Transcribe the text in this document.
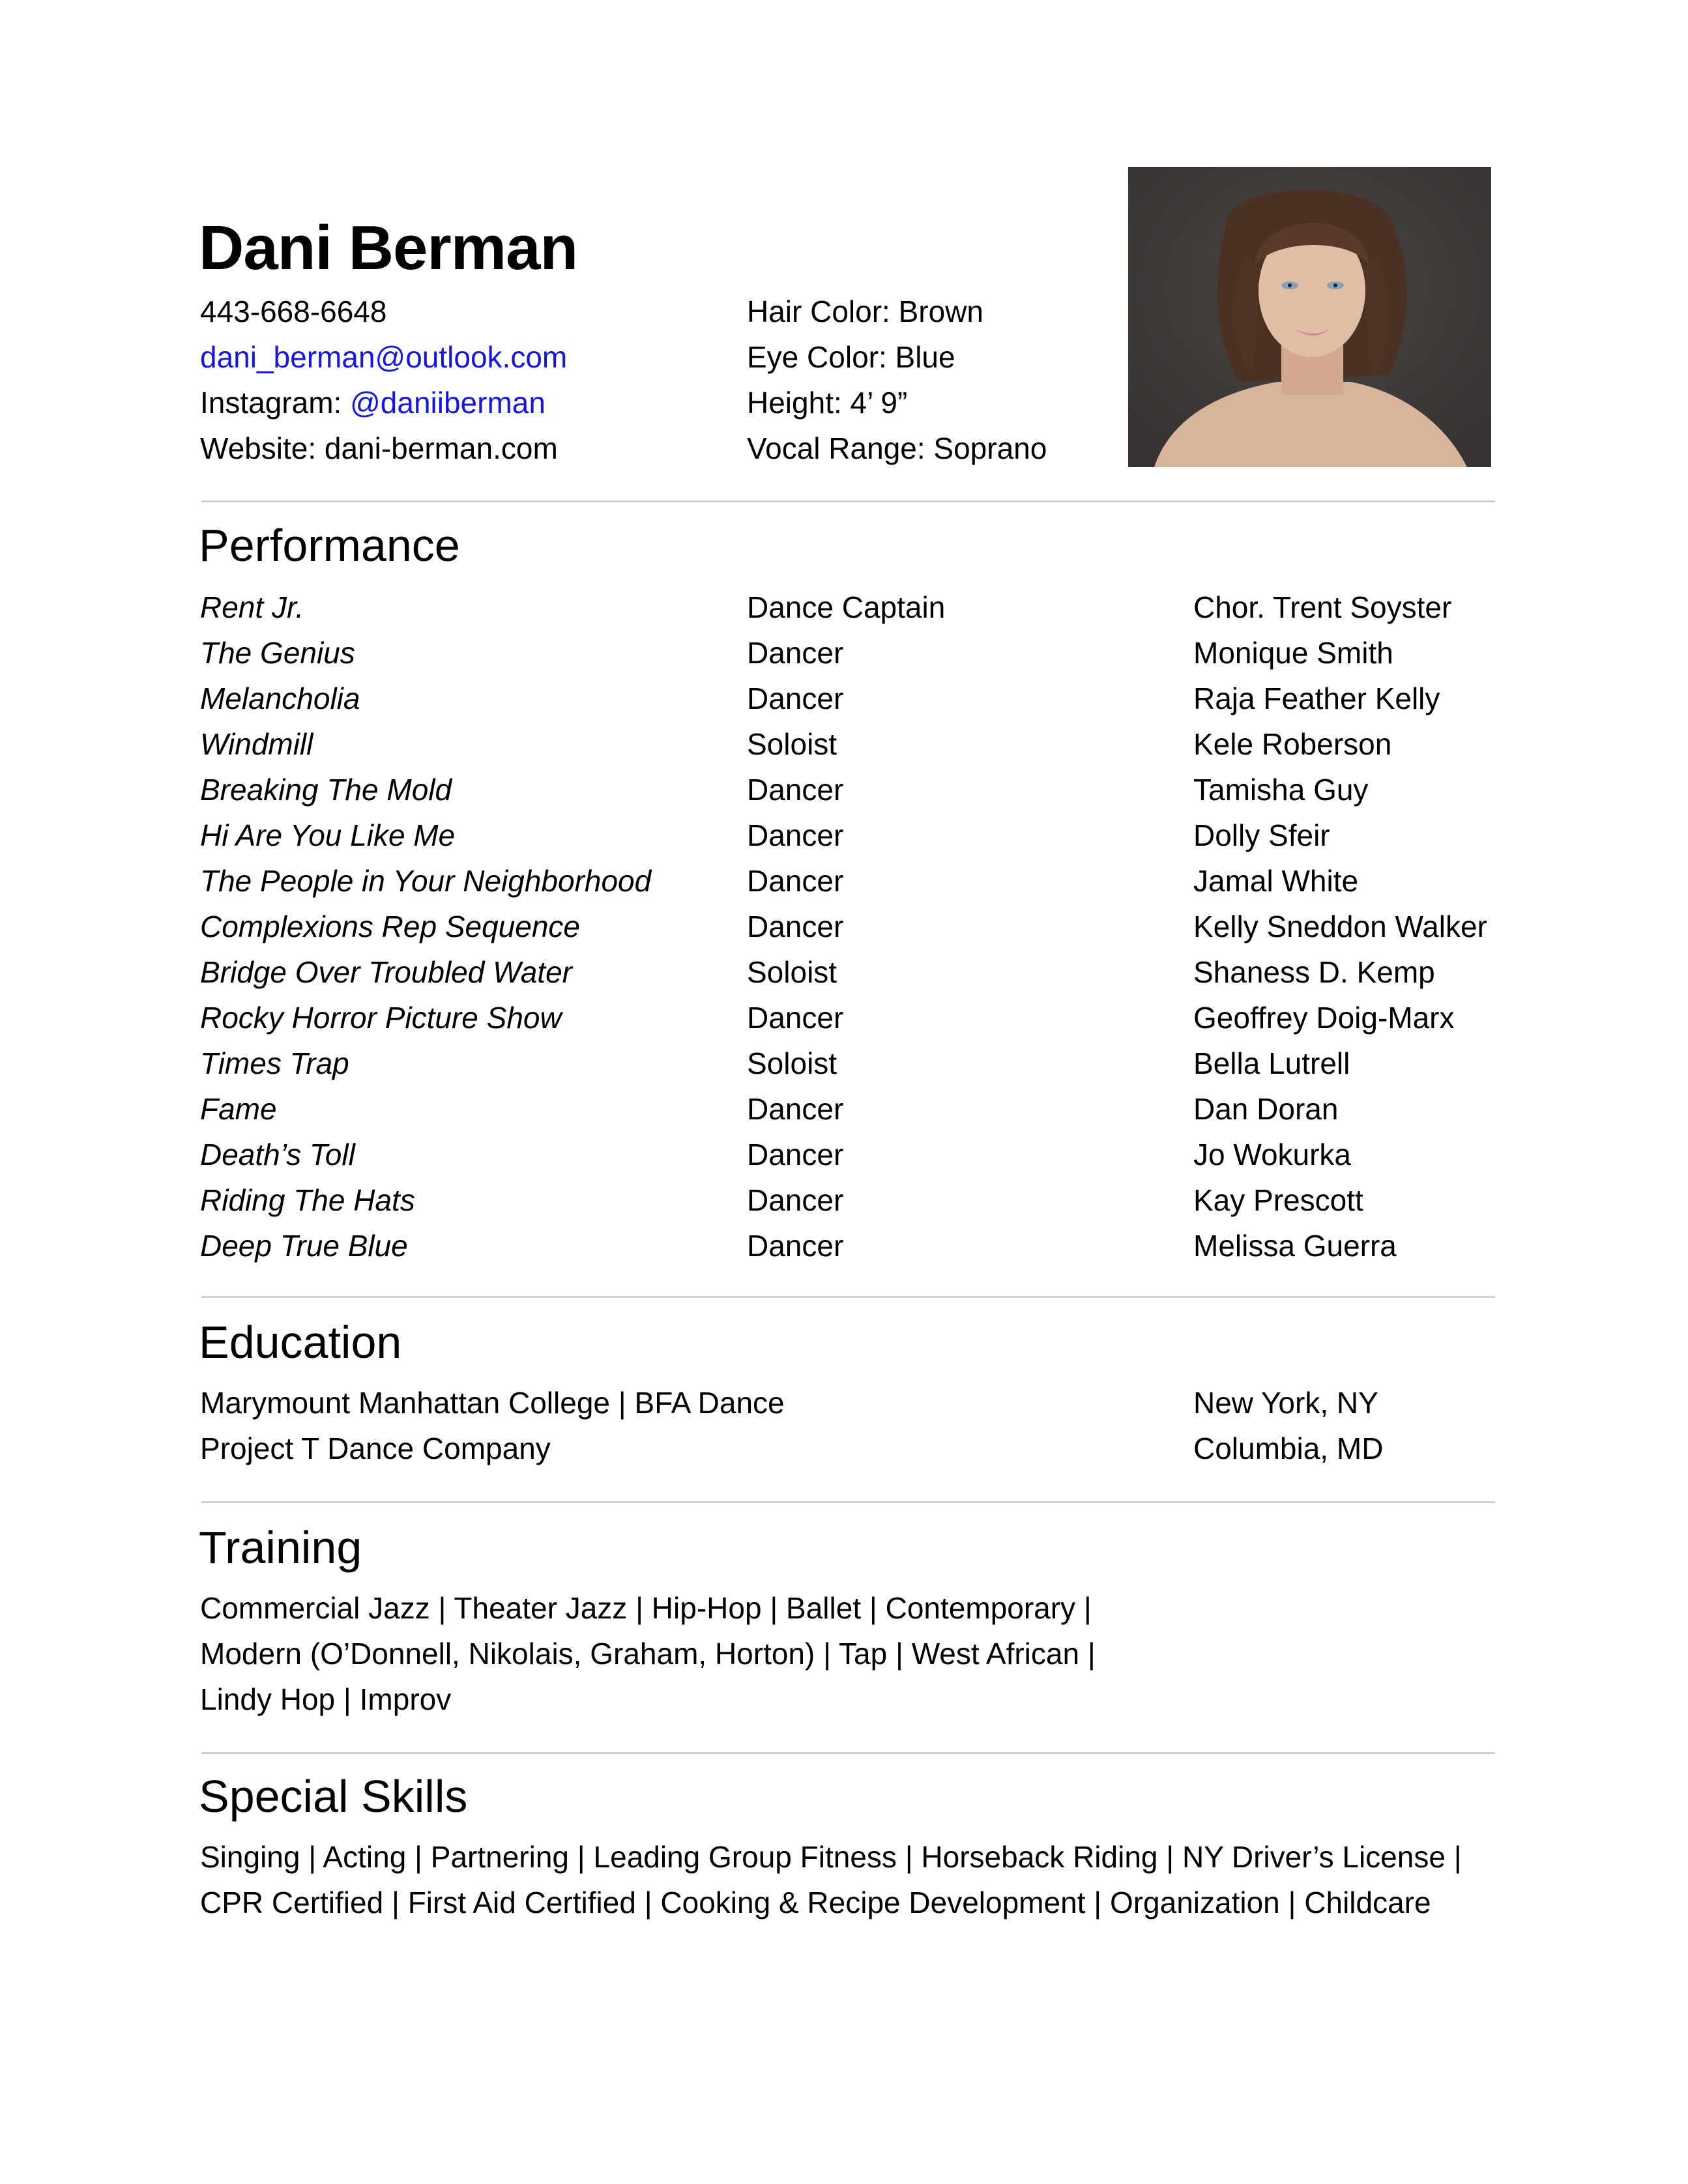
Dani Berman
443-668-6648
dani_berman@outlook.com
Instagram: @daniiberman
Website: dani-berman.com
Hair Color: Brown
Eye Color: Blue
Height: 4’ 9”
Vocal Range: Soprano
Performance
Rent Jr.
The Genius
Melancholia
Windmill
Breaking The Mold
Hi Are You Like Me
The People in Your Neighborhood
Complexions Rep Sequence
Bridge Over Troubled Water
Rocky Horror Picture Show
Times Trap
Fame
Death’s Toll
Riding The Hats
Deep True Blue
Dance Captain
Dancer
Dancer
Soloist
Dancer
Dancer
Dancer
Dancer
Soloist
Dancer
Soloist
Dancer
Dancer
Dancer
Dancer
Chor. Trent Soyster
Monique Smith
Raja Feather Kelly
Kele Roberson
Tamisha Guy
Dolly Sfeir
Jamal White
Kelly Sneddon Walker
Shaness D. Kemp
Geoffrey Doig-Marx
Bella Lutrell
Dan Doran
Jo Wokurka
Kay Prescott
Melissa Guerra
Education
Marymount Manhattan College | BFA Dance
Project T Dance Company
New York, NY
Columbia, MD
Training
Commercial Jazz | Theater Jazz | Hip-Hop | Ballet | Contemporary |
Modern (O’Donnell, Nikolais, Graham, Horton) | Tap | West African |
Lindy Hop | Improv
Special Skills
Singing | Acting | Partnering | Leading Group Fitness | Horseback Riding | NY Driver’s License |
CPR Certified | First Aid Certified | Cooking & Recipe Development | Organization | Childcare
